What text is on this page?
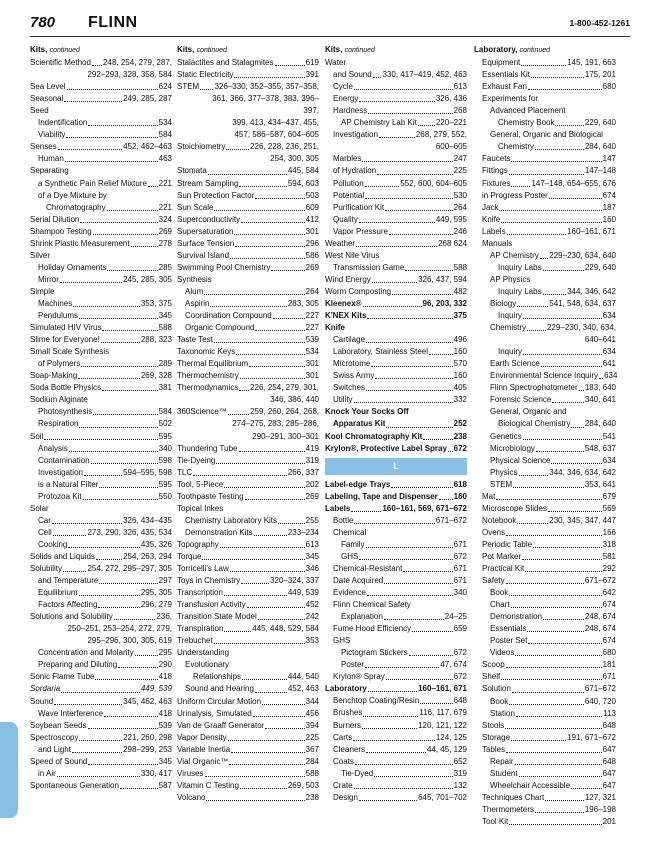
780 FLINN	1-800-452-1261
Kits, continued
Scientific Method 248, 254, 279, 287,
292–293, 328, 358, 584
Sea Level	624
Seasonal	249, 285, 287
Seed
Indentification	534
Viability	584
Senses	452, 462–463
Human	463
Separating
a Synthetic Pain Relief Mixture 221
of a Dye Mixture by
Chromatography	221
Serial Dilution	324
Shampoo Testing	269
Shrink Plastic Measurement	278
Silver
Holiday Ornaments	285
Mirror	245, 285, 305
Simple
Machines	353, 375
Pendulums	345
Simulated HIV Virus	588
Slime for Everyone!	288, 323
Small Scale Synthesis
of Polymers	289
Soap-Making	269, 328
Soda Bottle Physics	381
Sodium Alginate
Photosynthesis	584
Respiration	502
Soil	595
Analysis	340
Contamination	598
Investigation	594–595, 598
is a Natural Filter	595
Protozoa Kit	550
Solar
Car	326, 434–435
Cell	273, 290, 326, 435, 534
Cooking	435, 326
Solids and Liquids	254, 263, 294
Solubility	254, 272, 295–297, 305
and Temperature	297
Equilibrium	295, 305
Factors Affecting	296, 279
Solutions and Solubility	236,
250–251, 253–254, 272, 279,
295–296, 300, 305, 619
Concentration and Molarity	295
Preparing and Diluting	290
Sonic Flame Tube	418
Sordaria	449, 539
Sound	345, 462, 463
Wave Interference	418
Soybean Seeds	539
Spectroscopy	221, 260, 298
and Light	298–299, 253
Speed of Sound	345
in Air	330, 417
Spontaneous Generation	587
Kits, continued
Stalactites and Stalagmites	619
Static Electricity	391
STEM 326–330, 352–355, 357–358,
361, 366, 377–378, 383, 396–397,
399, 413, 434–437, 455,
457, 586–587, 604–605
Stoichiometry	226, 228, 236, 251,
254, 300, 305
Stomata	445, 584
Stream Sampling	594, 603
Sun Protection Factor	503
Sun Scale	609
Superconductivity	412
Supersaturation	301
Surface Tension	296
Survival Island	586
Swimming Pool Chemistry	269
Synthesis
Alum	264
Aspirin	283, 305
Coordination Compound	227
Organic Compound	227
Taste Test	539
Taxonomic Keys	534
Thermal Equilibrium	301
Thermochemistry	301
Thermodynamics 226, 254, 279, 301,
346, 386, 440
360Science™	259, 260, 264, 268,
274–275, 283, 285–286,
290–291, 300–301
Thundering Tube	419
Tie-Dyeing	319
TLC	266, 337
Tool, 5-Piece	202
Toothpaste Testing	269
Topical Inkes
Chemistry Laboratory Kits	255
Demonstration Kits	233–234
Topography	613
Torque	345
Torricelli's Law	346
Toys in Chemistry	320–324, 337
Transcription	449, 539
Transfusion Activity	452
Transition State Model	242
Transpiration	445, 448, 529, 584
Trebuchet	353
Understanding
Evolutionary
Relationships	444, 540
Sound and Hearing	452, 463
Uniform Circular Motion	344
Urinalysis, Simulated	456
Van de Graaff Generator	394
Vapor Density	225
Variable Inertia	367
Vial Organic™	284
Viruses	588
Vitamin C Testing	269, 503
Volcano	238
Kits, continued
Water
and Sound 330, 417–419, 452, 463
Cycle	613
Energy	326, 436
Hardness	268
AP Chemistry Lab Kit 220–221
Investigation	268, 279, 552,
600–605
Marbles	247
of Hydration	225
Pollution	552, 600, 604–605
Potential	530
Purification Kit	264
Quality	449, 595
Vapor Pressure	246
Weather	268 624
West Nile Virus
Transmission Game	588
Wind Energy	326, 437, 594
Worm Composting	482
Kleenex®	96, 203, 332
K'NEX Kits	375
Knife
Cartilage	496
Laboratory, Stainless Steel	160
Microtome	570
Swiss Army	160
Switches	405
Utility	332
Knock Your Socks Off
Apparatus Kit	252
Kool Chromatography Kit	238
Krylon®, Protective Label Spray 672
L
Label-edge Trays	618
Labeling, Tape and Dispenser 160
Labels	160–161, 569, 671–672
Bottle	671–672
Chemical
Family	671
GHS	672
Chemical-Resistant	671
Date Acquired	671
Evidence	340
Flinn Chemical Safety
Explanation	24–25
Fume Hood Efficiency	659
GHS
Pictogram Stickers	672
Poster	47, 674
Krylon® Spray	672
Laboratory	160–161, 671
Benchtop Coating/Resin	648
Brushes	116, 117, 679
Burners	120, 121, 122
Carts	124, 125
Cleaners	44, 45, 129
Coats	652
Tie-Dyed	319
Crate	132
Design	645, 701–702
Laboratory, continued
Equipment	145, 191, 663
Essentials Kit	175, 201
Exhaust Fan	680
Experiments for
Advanced Placement
Chemistry Book	229, 640
General, Organic and Biological
Chemistry	284, 640
Faucets	147
Fittings	147–148
Fixtures	147–148, 654–655, 676
in Progress Poster	674
Jack	187
Knife	160
Labels	160–161, 671
Manuals
AP Chemistry 229–230, 634, 640
Inquiry Labs	229, 640
AP Physics
Inquiry Labs	344, 346, 642
Biology	541, 548, 634, 637
Inquiry	634
Chemistry	229–230, 340, 634,
640–641
Inquiry	634
Earth Science	641
Environmental Science Inquiry 634
Flinn Spectrophotometer 183, 640
Forensic Science	340, 641
General, Organic and
Biological Chemistry 284, 640
Genetics	541
Microbiology	548, 637
Physical Science	634
Physics	344, 346, 634, 642
STEM	353, 641
Mat	679
Microscope Slides	569
Notebook	230, 345, 347, 447
Ovens	166
Periodic Table	318
Pot Marker	581
Practical Kit	292
Safety	671–672
Book	642
Chart	674
Demonstration	248, 674
Essentials	248, 674
Poster Set	674
Videos	680
Scoop	181
Shelf	671
Solution	671–672
Book	640, 720
Station	113
Stools	648
Storage	191, 671–672
Tables	647
Repair	648
Student	647
Wheelchair Accessible	647
Techniques Chart	127, 321
Thermometers	196–198
Tool Kit	201
